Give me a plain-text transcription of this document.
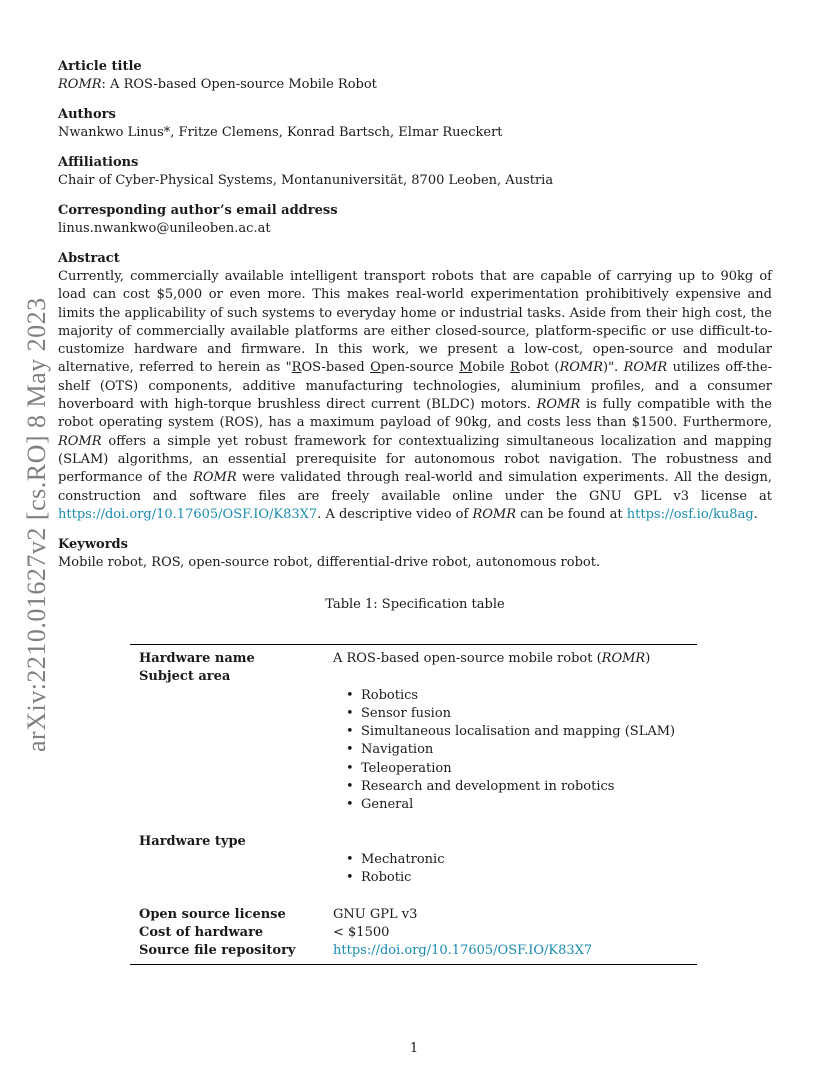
arXiv:2210.01627v2 [cs.RO] 8 May 2023
Article title
ROMR: A ROS-based Open-source Mobile Robot
Authors
Nwankwo Linus*, Fritze Clemens, Konrad Bartsch, Elmar Rueckert
Affiliations
Chair of Cyber-Physical Systems, Montanuniversität, 8700 Leoben, Austria
Corresponding author’s email address
linus.nwankwo@unileoben.ac.at
Abstract
Currently, commercially available intelligent transport robots that are capable of carrying up to 90kg of load can cost $5,000 or even more. This makes real-world experimentation prohibitively expensive and limits the applicability of such systems to everyday home or industrial tasks. Aside from their high cost, the majority of commercially available platforms are either closed-source, platform-specific or use difficult-to-customize hardware and firmware. In this work, we present a low-cost, open-source and modular alternative, referred to herein as "ROS-based Open-source Mobile Robot (ROMR)". ROMR utilizes off-the-shelf (OTS) components, additive manufacturing technologies, aluminium profiles, and a consumer hoverboard with high-torque brushless direct current (BLDC) motors. ROMR is fully compatible with the robot operating system (ROS), has a maximum payload of 90kg, and costs less than $1500. Furthermore, ROMR offers a simple yet robust framework for contextualizing simultaneous localization and mapping (SLAM) algorithms, an essential prerequisite for autonomous robot navigation. The robustness and performance of the ROMR were validated through real-world and simulation experiments. All the design, construction and software files are freely available online under the GNU GPL v3 license at https://doi.org/10.17605/OSF.IO/K83X7. A descriptive video of ROMR can be found at https://osf.io/ku8ag.
Keywords
Mobile robot, ROS, open-source robot, differential-drive robot, autonomous robot.
Table 1: Specification table
Hardware name	A ROS-based open-source mobile robot (ROMR)
Subject area
• Robotics
• Sensor fusion
• Simultaneous localisation and mapping (SLAM)
• Navigation
• Teleoperation
• Research and development in robotics
• General
Hardware type
• Mechatronic
• Robotic
Open source license	GNU GPL v3
Cost of hardware	< $1500
Source file repository	https://doi.org/10.17605/OSF.IO/K83X7
1
